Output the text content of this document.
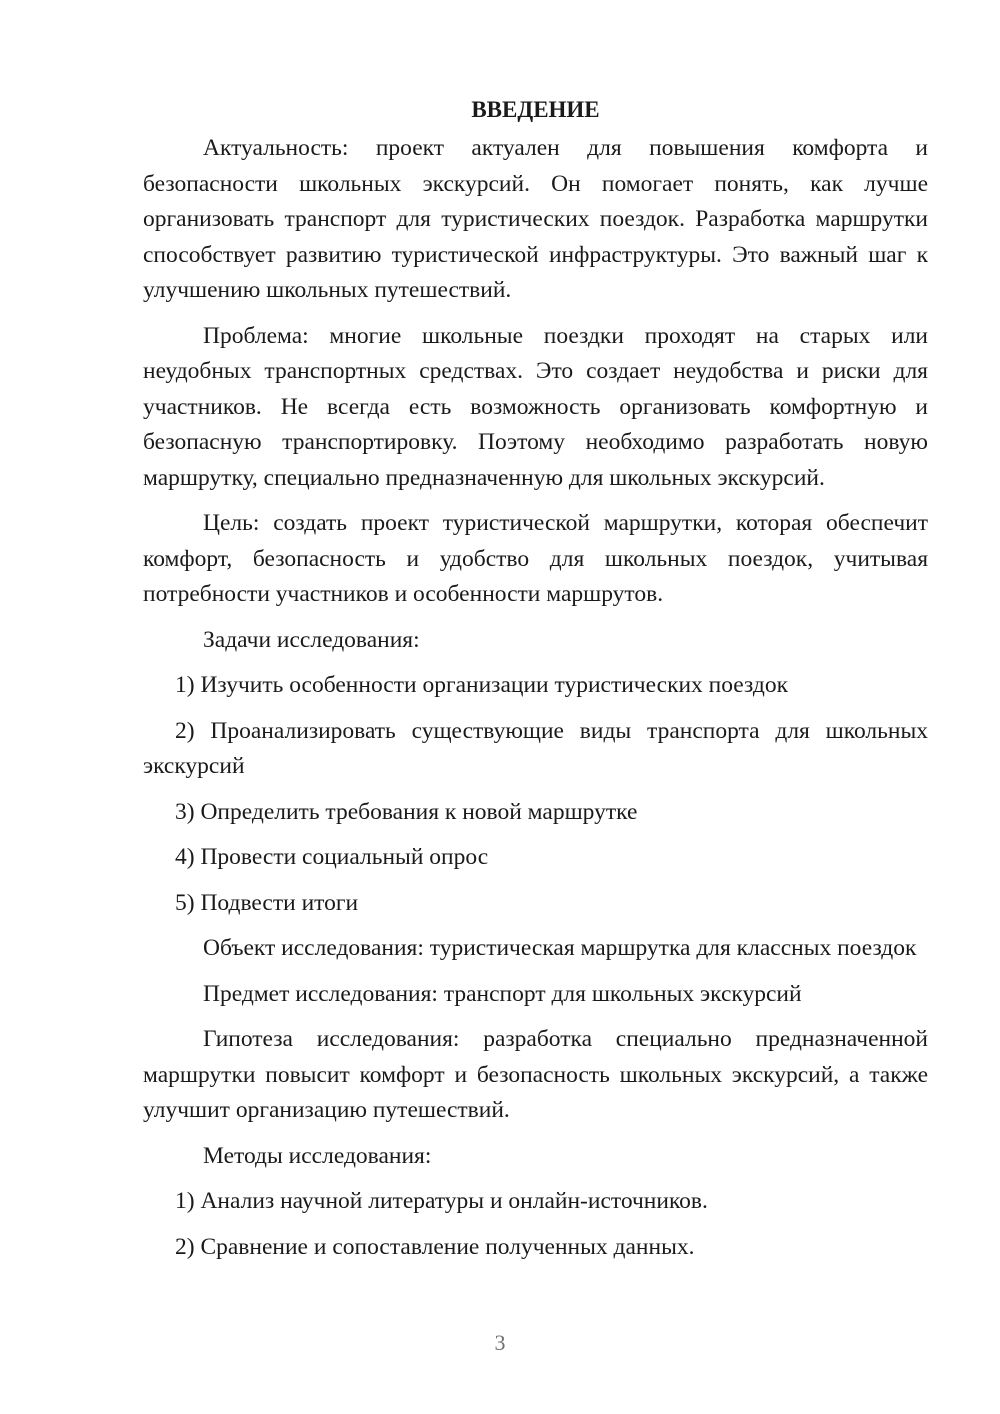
ВВЕДЕНИЕ

Актуальность: проект актуален для повышения комфорта и безопасности школьных экскурсий. Он помогает понять, как лучше организовать транспорт для туристических поездок. Разработка маршрутки способствует развитию туристической инфраструктуры. Это важный шаг к улучшению школьных путешествий.

Проблема: многие школьные поездки проходят на старых или неудобных транспортных средствах. Это создает неудобства и риски для участников. Не всегда есть возможность организовать комфортную и безопасную транспортировку. Поэтому необходимо разработать новую маршрутку, специально предназначенную для школьных экскурсий.

Цель: создать проект туристической маршрутки, которая обеспечит комфорт, безопасность и удобство для школьных поездок, учитывая потребности участников и особенности маршрутов.

Задачи исследования:

1) Изучить особенности организации туристических поездок

2) Проанализировать существующие виды транспорта для школьных экскурсий

3) Определить требования к новой маршрутке

4) Провести социальный опрос

5) Подвести итоги

Объект исследования: туристическая маршрутка для классных поездок

Предмет исследования: транспорт для школьных экскурсий

Гипотеза исследования: разработка специально предназначенной маршрутки повысит комфорт и безопасность школьных экскурсий, а также улучшит организацию путешествий.

Методы исследования:

1) Анализ научной литературы и онлайн-источников.

2) Сравнение и сопоставление полученных данных.

3
